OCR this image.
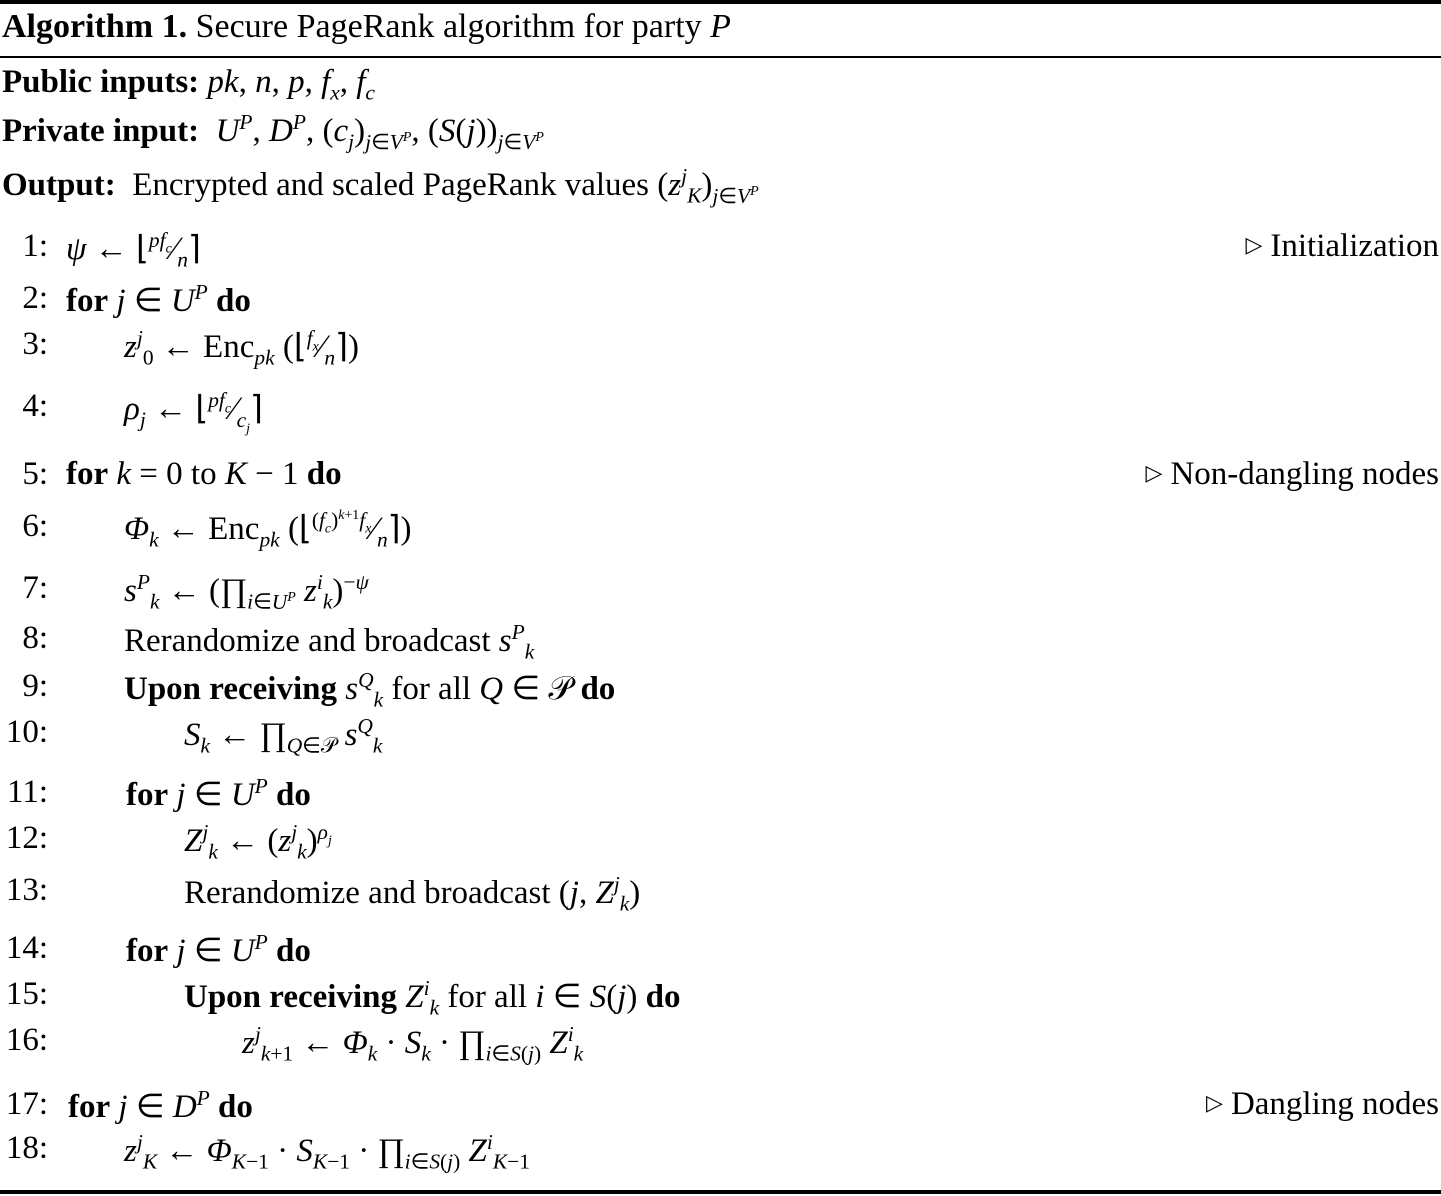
Algorithm 1. Secure PageRank algorithm for party P
Public inputs: pk, n, p, $f_x$, $f_c$
Private input: $U^P$, $D^P$, $(c_j)_{j\in V^P}$, $(S(j))_{j\in V^P}$
Output:  Encrypted and scaled PageRank values $(z^j_K)_{j\in V^P}$
1: ψ ← $⌊^{pf_c}⁄_n⌉$	▷ Initialization
2: for j ∈ $U^P$ do
3: $z^j_0$ ← Enc$_{pk}$ $(⌊^{f_x}⁄_n⌉)$
4: $\rho_j$ ← $⌊^{pf_c}⁄_{c_j}⌉$
5: for k = 0 to K − 1 do	▷ Non-dangling nodes
6: $\Phi_k$ ← Enc$_{pk}$ $(⌊^{(f_c)^{k+1}f_x}⁄_n⌉)$
7: $s^P_k$ ← ($\prod_{i\in U^P}$ $z^i_k)^{-\psi}$
8: Rerandomize and broadcast $s^P_k$
9: Upon receiving $s^Q_k$ for all Q ∈ 𝒫 do
10:	$S_k$ ← $\prod_{Q\in 𝒫}$ $s^Q_k$
11: for j ∈ $U^P$ do
12:	$Z^j_k$ ← $(z^j_k)^{\rho_j}$
13:	Rerandomize and broadcast (j, $Z^j_k$)
14: for j ∈ $U^P$ do
15:	Upon receiving $Z^i_k$ for all i ∈ S(j) do
16:	$z^j_{k+1}$ ← $\Phi_k \cdot S_k$ · $\prod_{i\in S(j)}$ $Z^i_k$
17: for j ∈ $D^P$ do	▷ Dangling nodes
18: $z^j_K$ ← $\Phi_{K-1} \cdot S_{K-1}$ · $\prod_{i\in S(j)}$ $Z^i_{K-1}$
